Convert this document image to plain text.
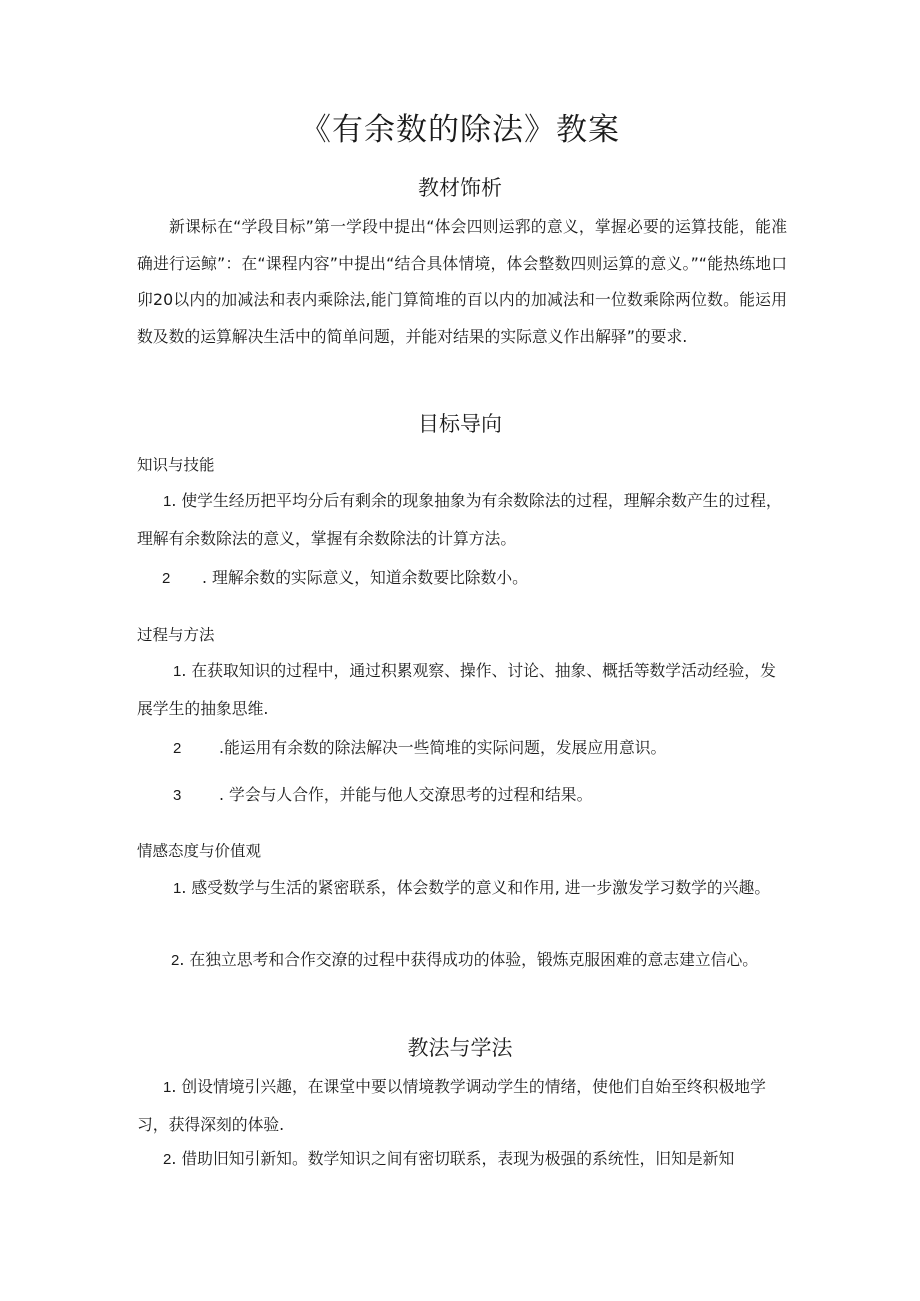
《有余数的除法》教案
教材饰析

新课标在“学段目标”第一学段中提出“体会四则运郛的意义，掌握必要的运算技能，能准确进行运鲸”：在“课程内容”中提出“结合具体情境，体会整数四则运算的意义。”“能热练地口卯20以内的加减法和表内乘除法,能门算简堆的百以内的加减法和一位数乘除两位数。能运用数及数的运算解决生活中的简单问题，并能对结果的实际意义作出解驿”的要求.

目标导向
知识与技能
1. 使学生经历把平均分后有剩余的现象抽象为有余数除法的过程，理解余数产生的过程，理解有余数除法的意义，掌握有余数除法的计算方法。
2 . 理解余数的实际意义，知道余数要比除数小。
过程与方法
1. 在获取知识的过程中，通过积累观察、操作、讨论、抽象、概括等数学活动经验，发展学生的抽象思维.
2 .能运用有余数的除法解决一些简堆的实际问题，发展应用意识。
3 . 学会与人合作，并能与他人交潦思考的过程和结果。
情感态度与价值观
1. 感受数学与生活的紧密联系，体会数学的意义和作用, 进一步激发学习数学的兴趣。
2. 在独立思考和合作交潦的过程中获得成功的体验，锻炼克服困难的意志建立信心。
教法与学法
1. 创设情境引兴趣，在课堂中要以情境教学调动学生的情绪，使他们自始至终积极地学习，获得深刻的体验.
2. 借助旧知引新知。数学知识之间有密切联系，表现为极强的系统性，旧知是新知
